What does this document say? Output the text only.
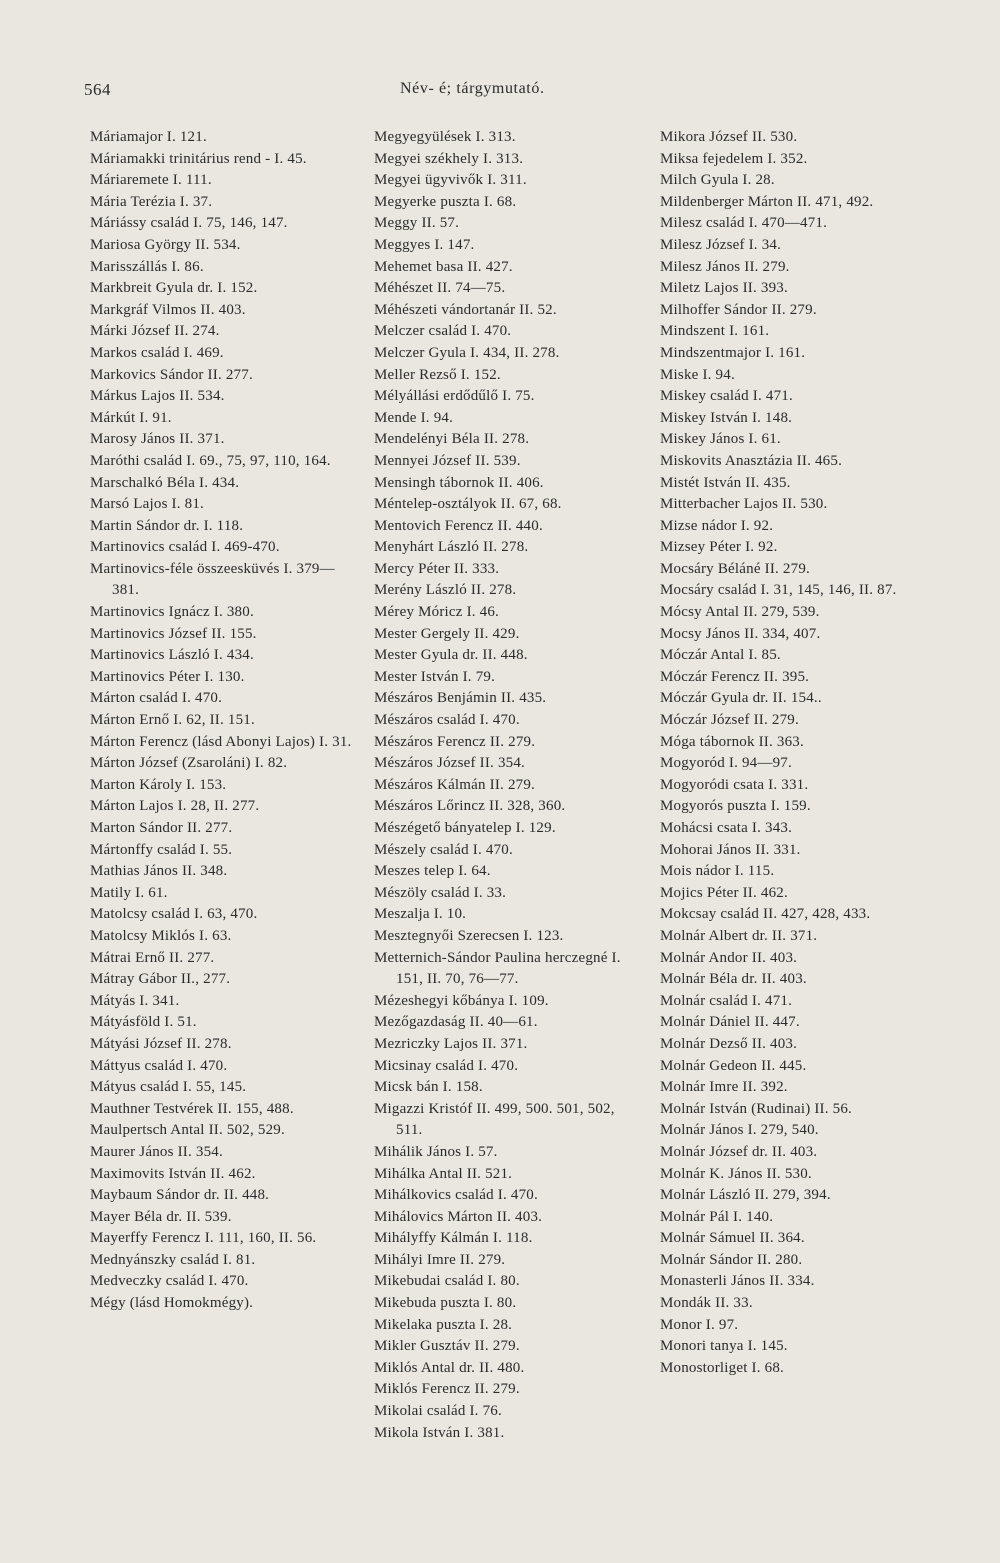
564	Név- é; tárgymutató.
Máriamajor I. 121.
Máriamakki trinitárius rend - I. 45.
Máriaremete I. 111.
Mária Terézia I. 37.
Máriássy család I. 75, 146, 147.
Mariosa György II. 534.
Marisszállás I. 86.
Markbreit Gyula dr. I. 152.
Markgráf Vilmos II. 403.
Márki József II. 274.
Markos család I. 469.
Markovics Sándor II. 277.
Márkus Lajos II. 534.
Márkút I. 91.
Marosy János II. 371.
Maróthi család I. 69., 75, 97, 110, 164.
Marschalkó Béla I. 434.
Marsó Lajos I. 81.
Martin Sándor dr. I. 118.
Martinovics család I. 469-470.
Martinovics-féle összeesküvés I. 379—381.
Martinovics Ignácz I. 380.
Martinovics József II. 155.
Martinovics László I. 434.
Martinovics Péter I. 130.
Márton család I. 470.
Márton Ernő I. 62, II. 151.
Márton Ferencz (lásd Abonyi Lajos) I. 31.
Márton József (Zsaroláni) I. 82.
Marton Károly I. 153.
Márton Lajos I. 28, II. 277.
Marton Sándor II. 277.
Mártonffy család I. 55.
Mathias János II. 348.
Matily I. 61.
Matolcsy család I. 63, 470.
Matolcsy Miklós I. 63.
Mátrai Ernő II. 277.
Mátray Gábor II., 277.
Mátyás I. 341.
Mátyásföld I. 51.
Mátyási József II. 278.
Máttyus család I. 470.
Mátyus család I. 55, 145.
Mauthner Testvérek II. 155, 488.
Maulpertsch Antal II. 502, 529.
Maurer János II. 354.
Maximovits István II. 462.
Maybaum Sándor dr. II. 448.
Mayer Béla dr. II. 539.
Mayerffy Ferencz I. 111, 160, II. 56.
Mednyánszky család I. 81.
Medveczky család I. 470.
Mégy (lásd Homokmégy).
Megyegyülések I. 313.
Megyei székhely I. 313.
Megyei ügyvivők I. 311.
Megyerke puszta I. 68.
Meggy II. 57.
Meggyes I. 147.
Mehemet basa II. 427.
Méhészet II. 74—75.
Méhészeti vándortanár II. 52.
Melczer család I. 470.
Melczer Gyula I. 434, II. 278.
Meller Rezső I. 152.
Mélyállási erdődűlő I. 75.
Mende I. 94.
Mendelényi Béla II. 278.
Mennyei József II. 539.
Mensingh tábornok II. 406.
Méntelep-osztályok II. 67, 68.
Mentovich Ferencz II. 440.
Menyhárt László II. 278.
Mercy Péter II. 333.
Merény László II. 278.
Mérey Móricz I. 46.
Mester Gergely II. 429.
Mester Gyula dr. II. 448.
Mester István I. 79.
Mészáros Benjámin II. 435.
Mészáros család I. 470.
Mészáros Ferencz II. 279.
Mészáros József II. 354.
Mészáros Kálmán II. 279.
Mészáros Lőrincz II. 328, 360.
Mészégető bányatelep I. 129.
Mészely család I. 470.
Meszes telep I. 64.
Mészöly család I. 33.
Meszalja I. 10.
Mesztegnyői Szerecsen I. 123.
Metternich-Sándor Paulina herczegné I. 151, II. 70, 76—77.
Mézeshegyi kőbánya I. 109.
Mezőgazdaság II. 40—61.
Mezriczky Lajos II. 371.
Micsinay család I. 470.
Micsk bán I. 158.
Migazzi Kristóf II. 499, 500. 501, 502, 511.
Mihálik János I. 57.
Mihálka Antal II. 521.
Mihálkovics család I. 470.
Mihálovics Márton II. 403.
Mihályffy Kálmán I. 118.
Mihályi Imre II. 279.
Mikebudai család I. 80.
Mikebuda puszta I. 80.
Mikelaka puszta I. 28.
Mikler Gusztáv II. 279.
Miklós Antal dr. II. 480.
Miklós Ferencz II. 279.
Mikolai család I. 76.
Mikola István I. 381.
Mikora József II. 530.
Miksa fejedelem I. 352.
Milch Gyula I. 28.
Mildenberger Márton II. 471, 492.
Milesz család I. 470—471.
Milesz József I. 34.
Milesz János II. 279.
Miletz Lajos II. 393.
Milhoffer Sándor II. 279.
Mindszent I. 161.
Mindszentmajor I. 161.
Miske I. 94.
Miskey család I. 471.
Miskey István I. 148.
Miskey János I. 61.
Miskovits Anasztázia II. 465.
Mistét István II. 435.
Mitterbacher Lajos II. 530.
Mizse nádor I. 92.
Mizsey Péter I. 92.
Mocsáry Béláné II. 279.
Mocsáry család I. 31, 145, 146, II. 87.
Mócsy Antal II. 279, 539.
Mocsy János II. 334, 407.
Móczár Antal I. 85.
Móczár Ferencz II. 395.
Móczár Gyula dr. II. 154..
Móczár József II. 279.
Móga tábornok II. 363.
Mogyoród I. 94—97.
Mogyoródi csata I. 331.
Mogyorós puszta I. 159.
Mohácsi csata I. 343.
Mohorai János II. 331.
Mois nádor I. 115.
Mojics Péter II. 462.
Mokcsay család II. 427, 428, 433.
Molnár Albert dr. II. 371.
Molnár Andor II. 403.
Molnár Béla dr. II. 403.
Molnár család I. 471.
Molnár Dániel II. 447.
Molnár Dezső II. 403.
Molnár Gedeon II. 445.
Molnár Imre II. 392.
Molnár István (Rudinai) II. 56.
Molnár János I. 279, 540.
Molnár József dr. II. 403.
Molnár K. János II. 530.
Molnár László II. 279, 394.
Molnár Pál I. 140.
Molnár Sámuel II. 364.
Molnár Sándor II. 280.
Monasterli János II. 334.
Mondák II. 33.
Monor I. 97.
Monori tanya I. 145.
Monostorliget I. 68.
